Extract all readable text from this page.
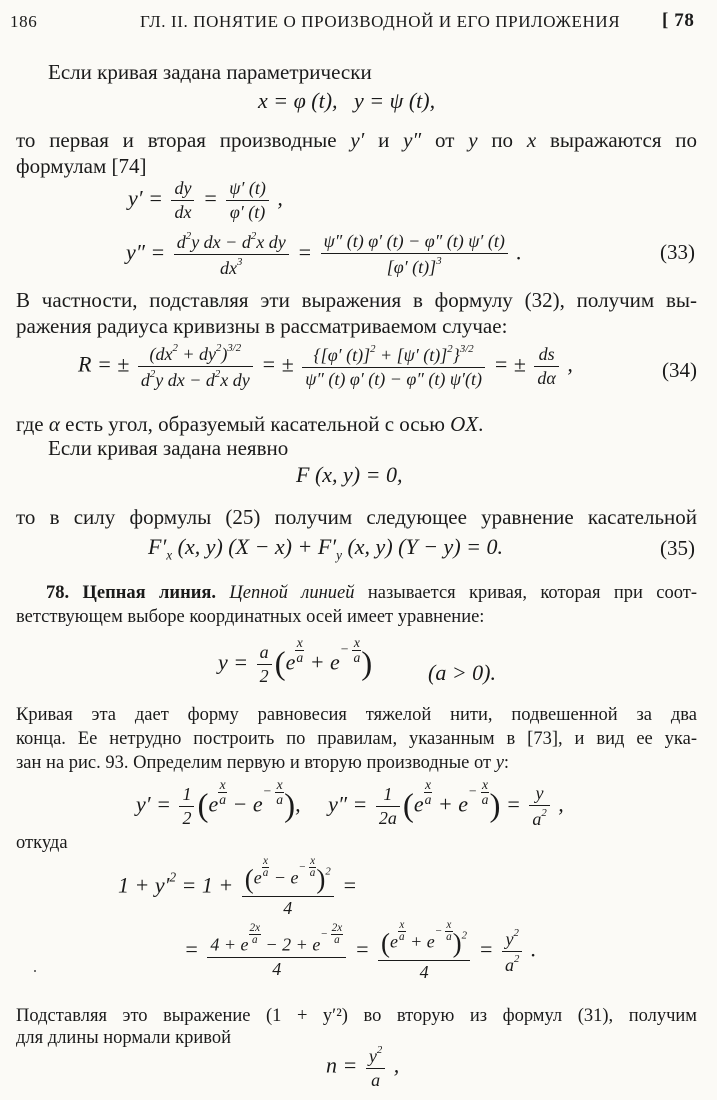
186	ГЛ. II. ПОНЯТИЕ О ПРОИЗВОДНОЙ И ЕГО ПРИЛОЖЕНИЯ [ 78
Если кривая задана параметрически
x = φ (t),   y = ψ (t),
то первая и вторая производные y′ и y″ от y по x выражаются по
формулам [74]
$y' = \frac{dy}{dx} = \frac{\psi' (t)}{\varphi' (t)}$ ,
$y'' = \frac{d^2y dx - d^2x dy}{dx^3} = \frac{\psi'' (t) \varphi' (t) - \varphi'' (t) \psi' (t)}{[\varphi' (t)]^3}$ .	(33)
В частности, подставляя эти выражения в формулу (32), получим вы-
ражения радиуса кривизны в рассматриваемом случае:
R = ± $\frac{(dx^2 + dy^2)^{3/2}}{d^2y dx - d^2x dy}$ = ± $\frac{\{[\varphi' (t)]^2 + [\psi' (t)]^2\}^{3/2}}{\psi'' (t) \varphi' (t) - \varphi'' (t) \psi'(t)}$ = ± $\frac{ds}{d\alpha}$ ,	(34)
где α есть угол, образуемый касательной с осью OX.
Если кривая задана неявно
F (x, y) = 0,
то в силу формулы (25) получим следующее уравнение касательной
$F'_x$ (x, y) $(X - x) + F'_y$ (x, y) (Y − y) = 0.	(35)
78. Цепная линия. Цепной линией называется кривая, которая при соот-
ветствующем выборе координатных осей имеет уравнение:
$y = \frac{a}{2} (e \frac{x}{a} + e- \frac{x}{a}$ )	(a > 0).
Кривая эта дает форму равновесия тяжелой нити, подвешенной за два
конца. Ее нетрудно построить по правилам, указанным в [73], и вид ее ука-
зан на рис. 93. Определим первую и вторую производные от y:
$y' = \frac{1}{2} (e \frac{x}{a} - e- \frac{x}{a}$ ),     $y'' = \frac{1}{2a} (e \frac{x}{a} + e- \frac{x}{a}$ ) = $\frac{y}{a^2}$ ,
откуда
$1 + y'^2 = 1 + \frac{(e \frac{x}{a} - e- \frac{x}{a} )^2}{4}$ =
= $\frac{4 + e \frac{2x}{a} - 2 + e- \frac{2x}{a}}{4} = \frac{(e \frac{x}{a} + e- \frac{x}{a} )^2}{4} = \frac{y^2}{a^2}$ .
Подставляя это выражение (1 + y′²) во вторую из формул (31), получим
для длины нормали кривой
$n = \frac{y^2}{a}$ ,
